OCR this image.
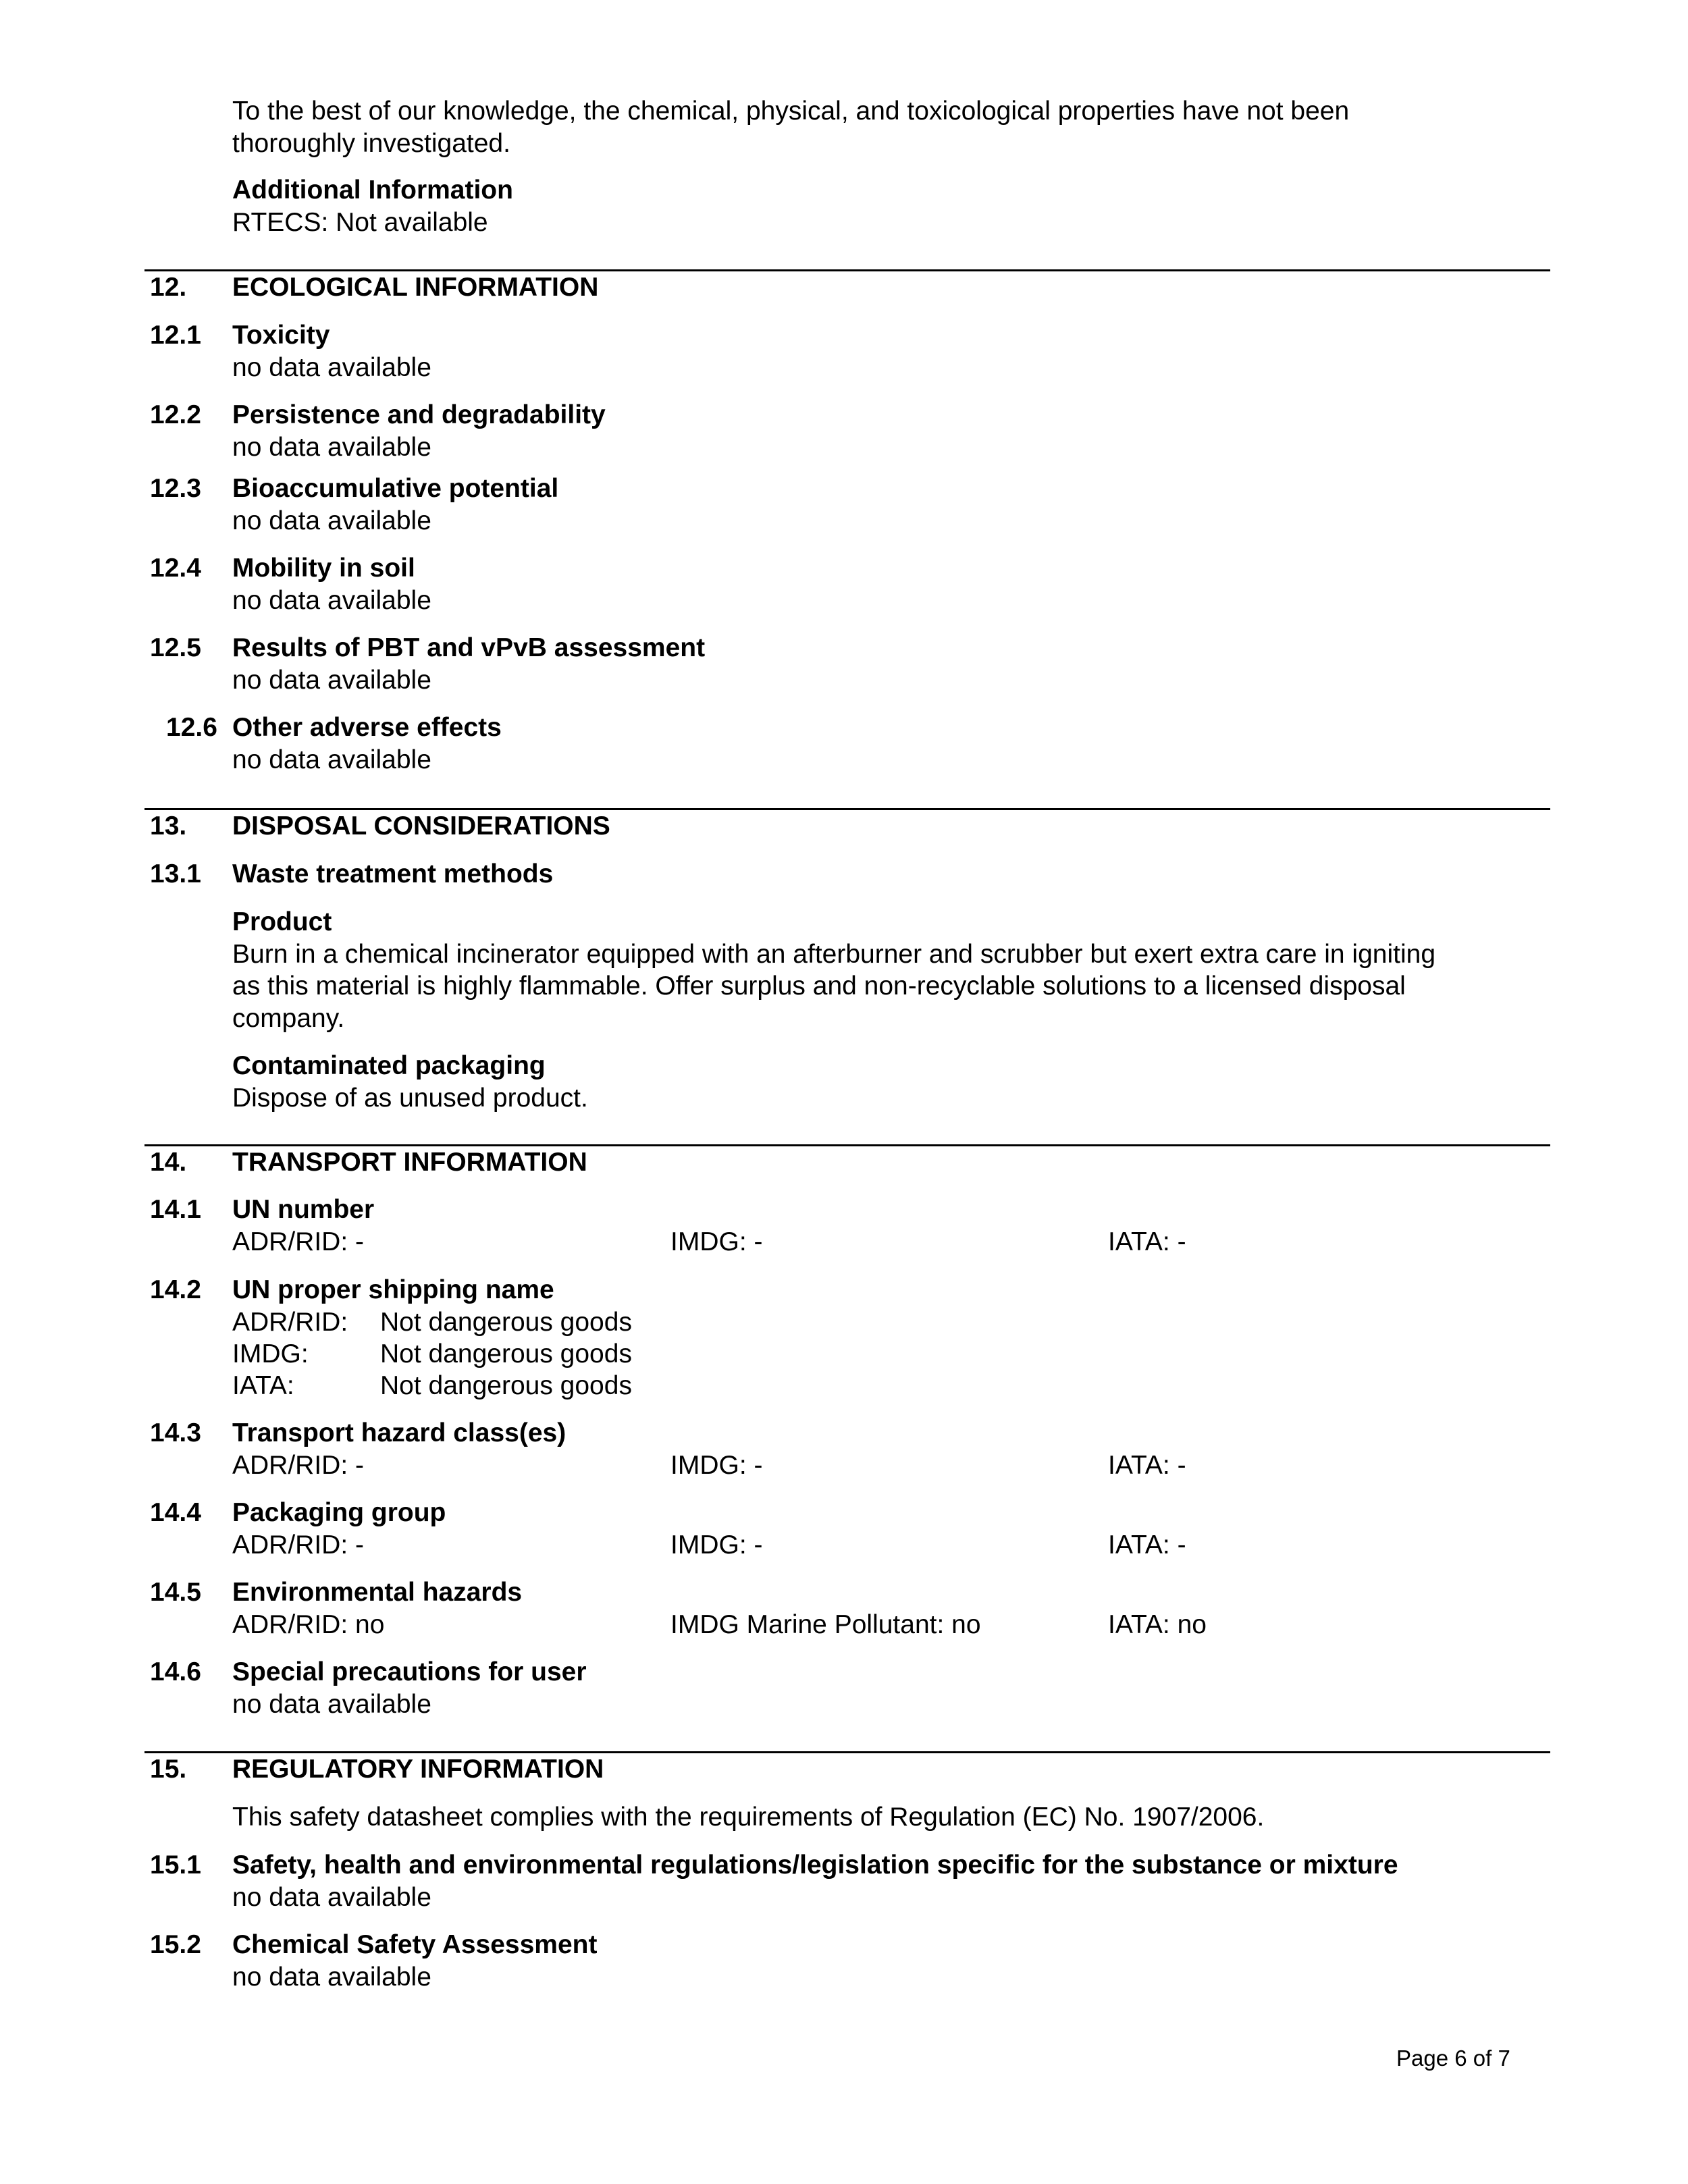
To the best of our knowledge, the chemical, physical, and toxicological properties have not been
thoroughly investigated.
Additional Information
RTECS: Not available
12. ECOLOGICAL INFORMATION
12.1 Toxicity
no data available
12.2 Persistence and degradability
no data available
12.3 Bioaccumulative potential
no data available
12.4 Mobility in soil
no data available
12.5 Results of PBT and vPvB assessment
no data available
12.6 Other adverse effects
no data available
13. DISPOSAL CONSIDERATIONS
13.1 Waste treatment methods
Product
Burn in a chemical incinerator equipped with an afterburner and scrubber but exert extra care in igniting
as this material is highly flammable. Offer surplus and non-recyclable solutions to a licensed disposal
company.
Contaminated packaging
Dispose of as unused product.
14. TRANSPORT INFORMATION
14.1 UN number
ADR/RID: -	IMDG: -	IATA: -
14.2 UN proper shipping name
ADR/RID: Not dangerous goods
IMDG:	Not dangerous goods
IATA:	Not dangerous goods
14.3 Transport hazard class(es)
ADR/RID: -	IMDG: -	IATA: -
14.4 Packaging group
ADR/RID: -	IMDG: -	IATA: -
14.5 Environmental hazards
ADR/RID: no	IMDG Marine Pollutant: no	IATA: no
14.6 Special precautions for user
no data available
15. REGULATORY INFORMATION
This safety datasheet complies with the requirements of Regulation (EC) No. 1907/2006.
15.1 Safety, health and environmental regulations/legislation specific for the substance or mixture
no data available
15.2 Chemical Safety Assessment
no data available
Page 6 of 7
